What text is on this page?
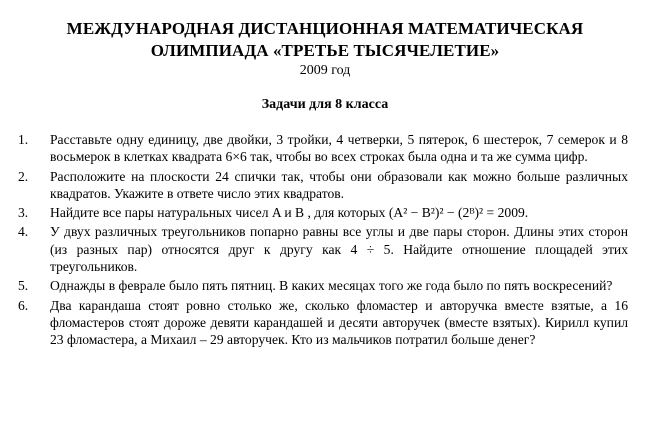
МЕЖДУНАРОДНАЯ ДИСТАНЦИОННАЯ МАТЕМАТИЧЕСКАЯ
ОЛИМПИАДА «ТРЕТЬЕ ТЫСЯЧЕЛЕТИЕ»
2009 год
Задачи для 8 класса
1. Расставьте одну единицу, две двойки, 3 тройки, 4 четверки, 5 пятерок, 6 шестерок, 7 семерок и 8 восьмерок в клетках квадрата 6×6 так, чтобы во всех строках была одна и та же сумма цифр.
2. Расположите на плоскости 24 спички так, чтобы они образовали как можно больше различных квадратов. Укажите в ответе число этих квадратов.
3. Найдите все пары натуральных чисел A и B , для которых (A² − B²)² − (2ᴮ)² = 2009.
4. У двух различных треугольников попарно равны все углы и две пары сторон. Длины этих сторон (из разных пар) относятся друг к другу как 4 ÷ 5. Найдите отношение площадей этих треугольников.
5. Однажды в феврале было пять пятниц. В каких месяцах того же года было по пять воскресений?
6. Два карандаша стоят ровно столько же, сколько фломастер и авторучка вместе взятые, а 16 фломастеров стоят дороже девяти карандашей и десяти авторучек (вместе взятых). Кирилл купил 23 фломастера, а Михаил – 29 авторучек. Кто из мальчиков потратил больше денег?
